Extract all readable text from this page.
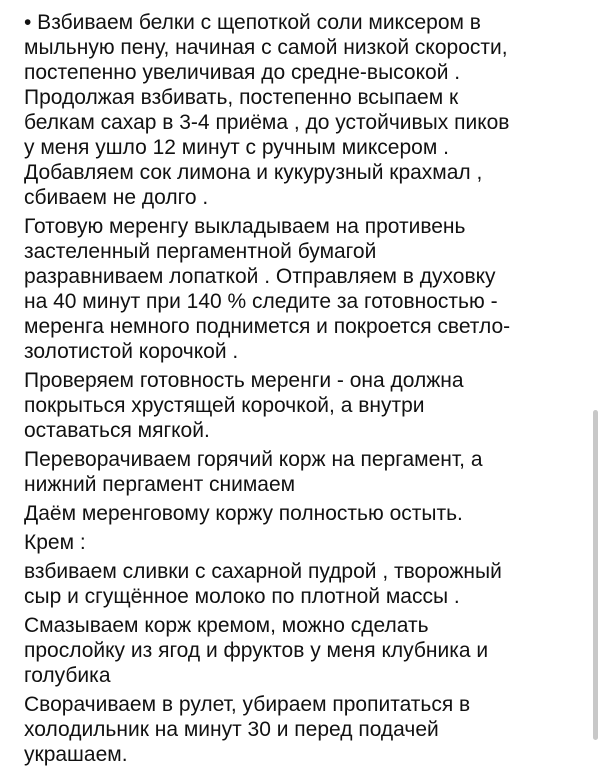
• Взбиваем белки с щепоткой соли миксером в
мыльную пену, начиная с самой низкой скорости,
постепенно увеличивая до средне-высокой .
Продолжая взбивать, постепенно всыпаем к
белкам сахар в 3-4 приёма , до устойчивых пиков
у меня ушло 12 минут с ручным миксером .
Добавляем сок лимона и кукурузный крахмал ,
сбиваем не долго .

Готовую меренгу выкладываем на противень
застеленный пергаментной бумагой
разравниваем лопаткой . Отправляем в духовку
на 40 минут при 140 % следите за готовностью -
меренга немного поднимется и покроется светло-
золотистой корочкой .

Проверяем готовность меренги - она должна
покрыться хрустящей корочкой, а внутри
оставаться мягкой.

Переворачиваем горячий корж на пергамент, а
нижний пергамент снимаем

Даём меренговому коржу полностью остыть.

Крем :

взбиваем сливки с сахарной пудрой , творожный
сыр и сгущённое молоко по плотной массы .

Смазываем корж кремом, можно сделать
прослойку из ягод и фруктов у меня клубника и
голубика

Сворачиваем в рулет, убираем пропитаться в
холодильник на минут 30 и перед подачей
украшаем.
